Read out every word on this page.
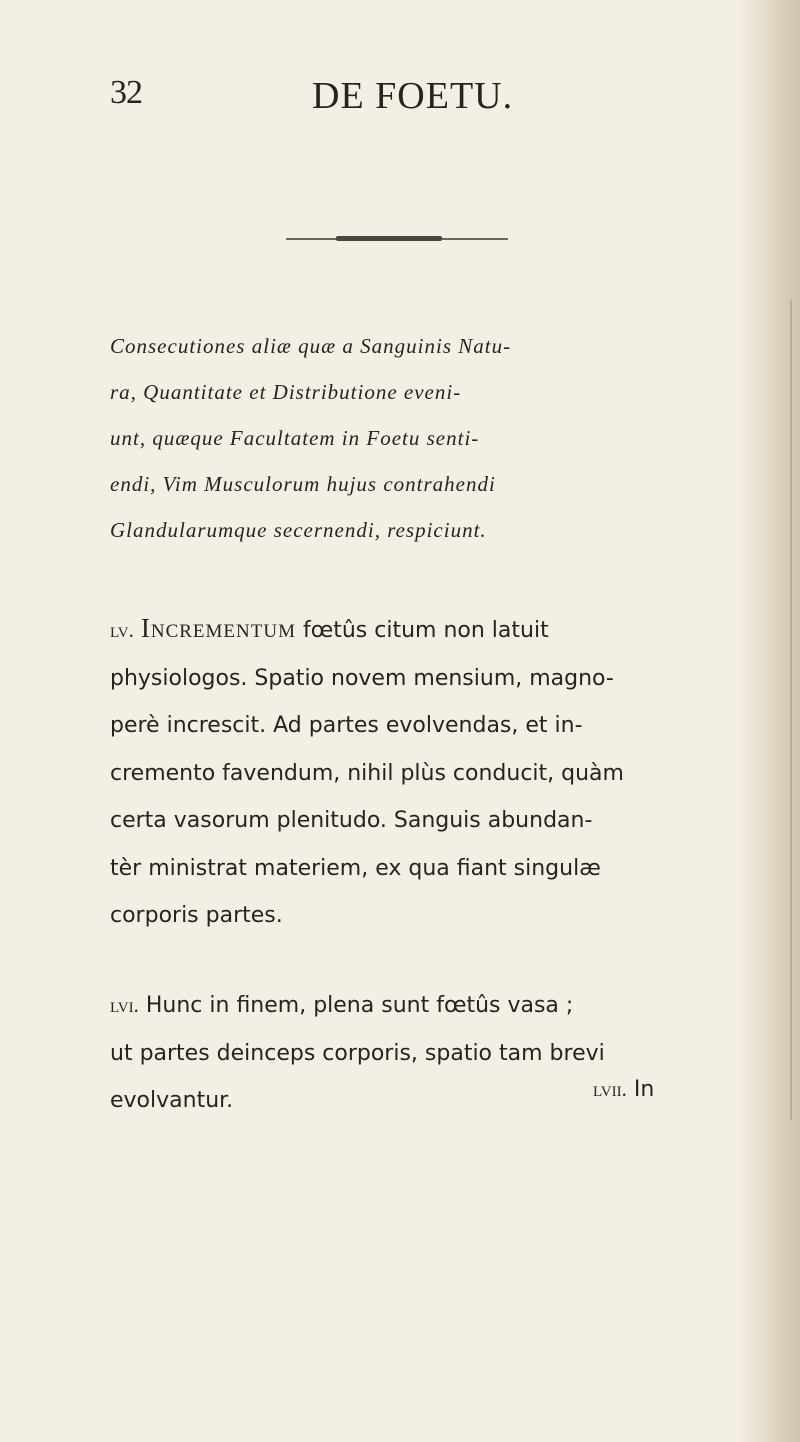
32	DE FOETU.
Consecutiones aliæ quæ a Sanguinis Natu-
ra, Quantitate et Distributione eveni-
unt, quæque Facultatem in Foetu senti-
endi, Vim Musculorum hujus contrahendi
Glandularumque secernendi, respiciunt.
lv. Incrementum fœtûs citum non latuit
physiologos. Spatio novem mensium, magno-
perè increscit. Ad partes evolvendas, et in-
cremento favendum, nihil plùs conducit, quàm
certa vasorum plenitudo. Sanguis abundan-
tèr ministrat materiem, ex qua fiant singulæ
corporis partes.
lvi. Hunc in finem, plena sunt fœtûs vasa ;
ut partes deinceps corporis, spatio tam brevi
evolvantur.	lvii. In
